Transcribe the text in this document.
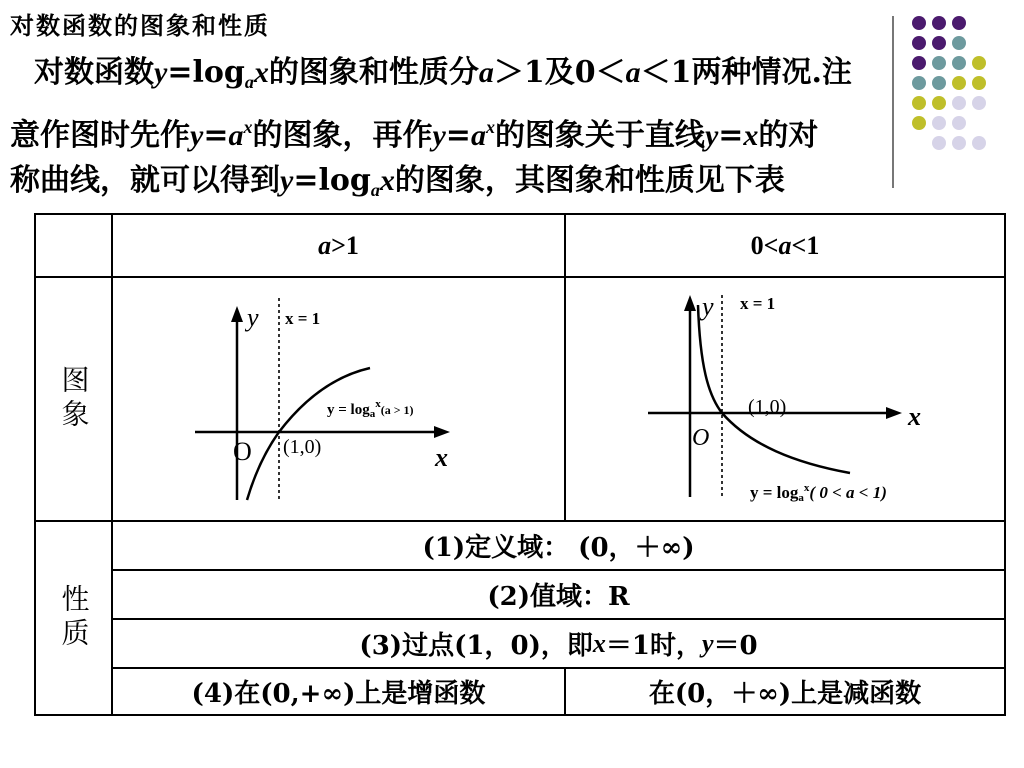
对数函数的图象和性质

对数函数$y=\log_ax$的图象和性质分a＞1及0＜a＜1两种情况.注

意作图时先作$y=a^x$的图象，再作$y=a^x$的图象关于直线y=x的对

称曲线，就可以得到$y=\log_ax$的图象，其图象和性质见下表

a >1	0< a <1
图象
性质
(1)定义域： (0，＋∞)
(2)值域：R
(3)过点(1，0)，即 x ＝1时， y ＝0
(4)在(0,+∞)上是增函数	在(0，＋∞)上是减函数
y x = 1
x
O (1,0)
$y = \log_a^x_{(a > 1)}$
y x = 1
x
O
(1,0)
y = loga$^x$( 0 < a < 1)
